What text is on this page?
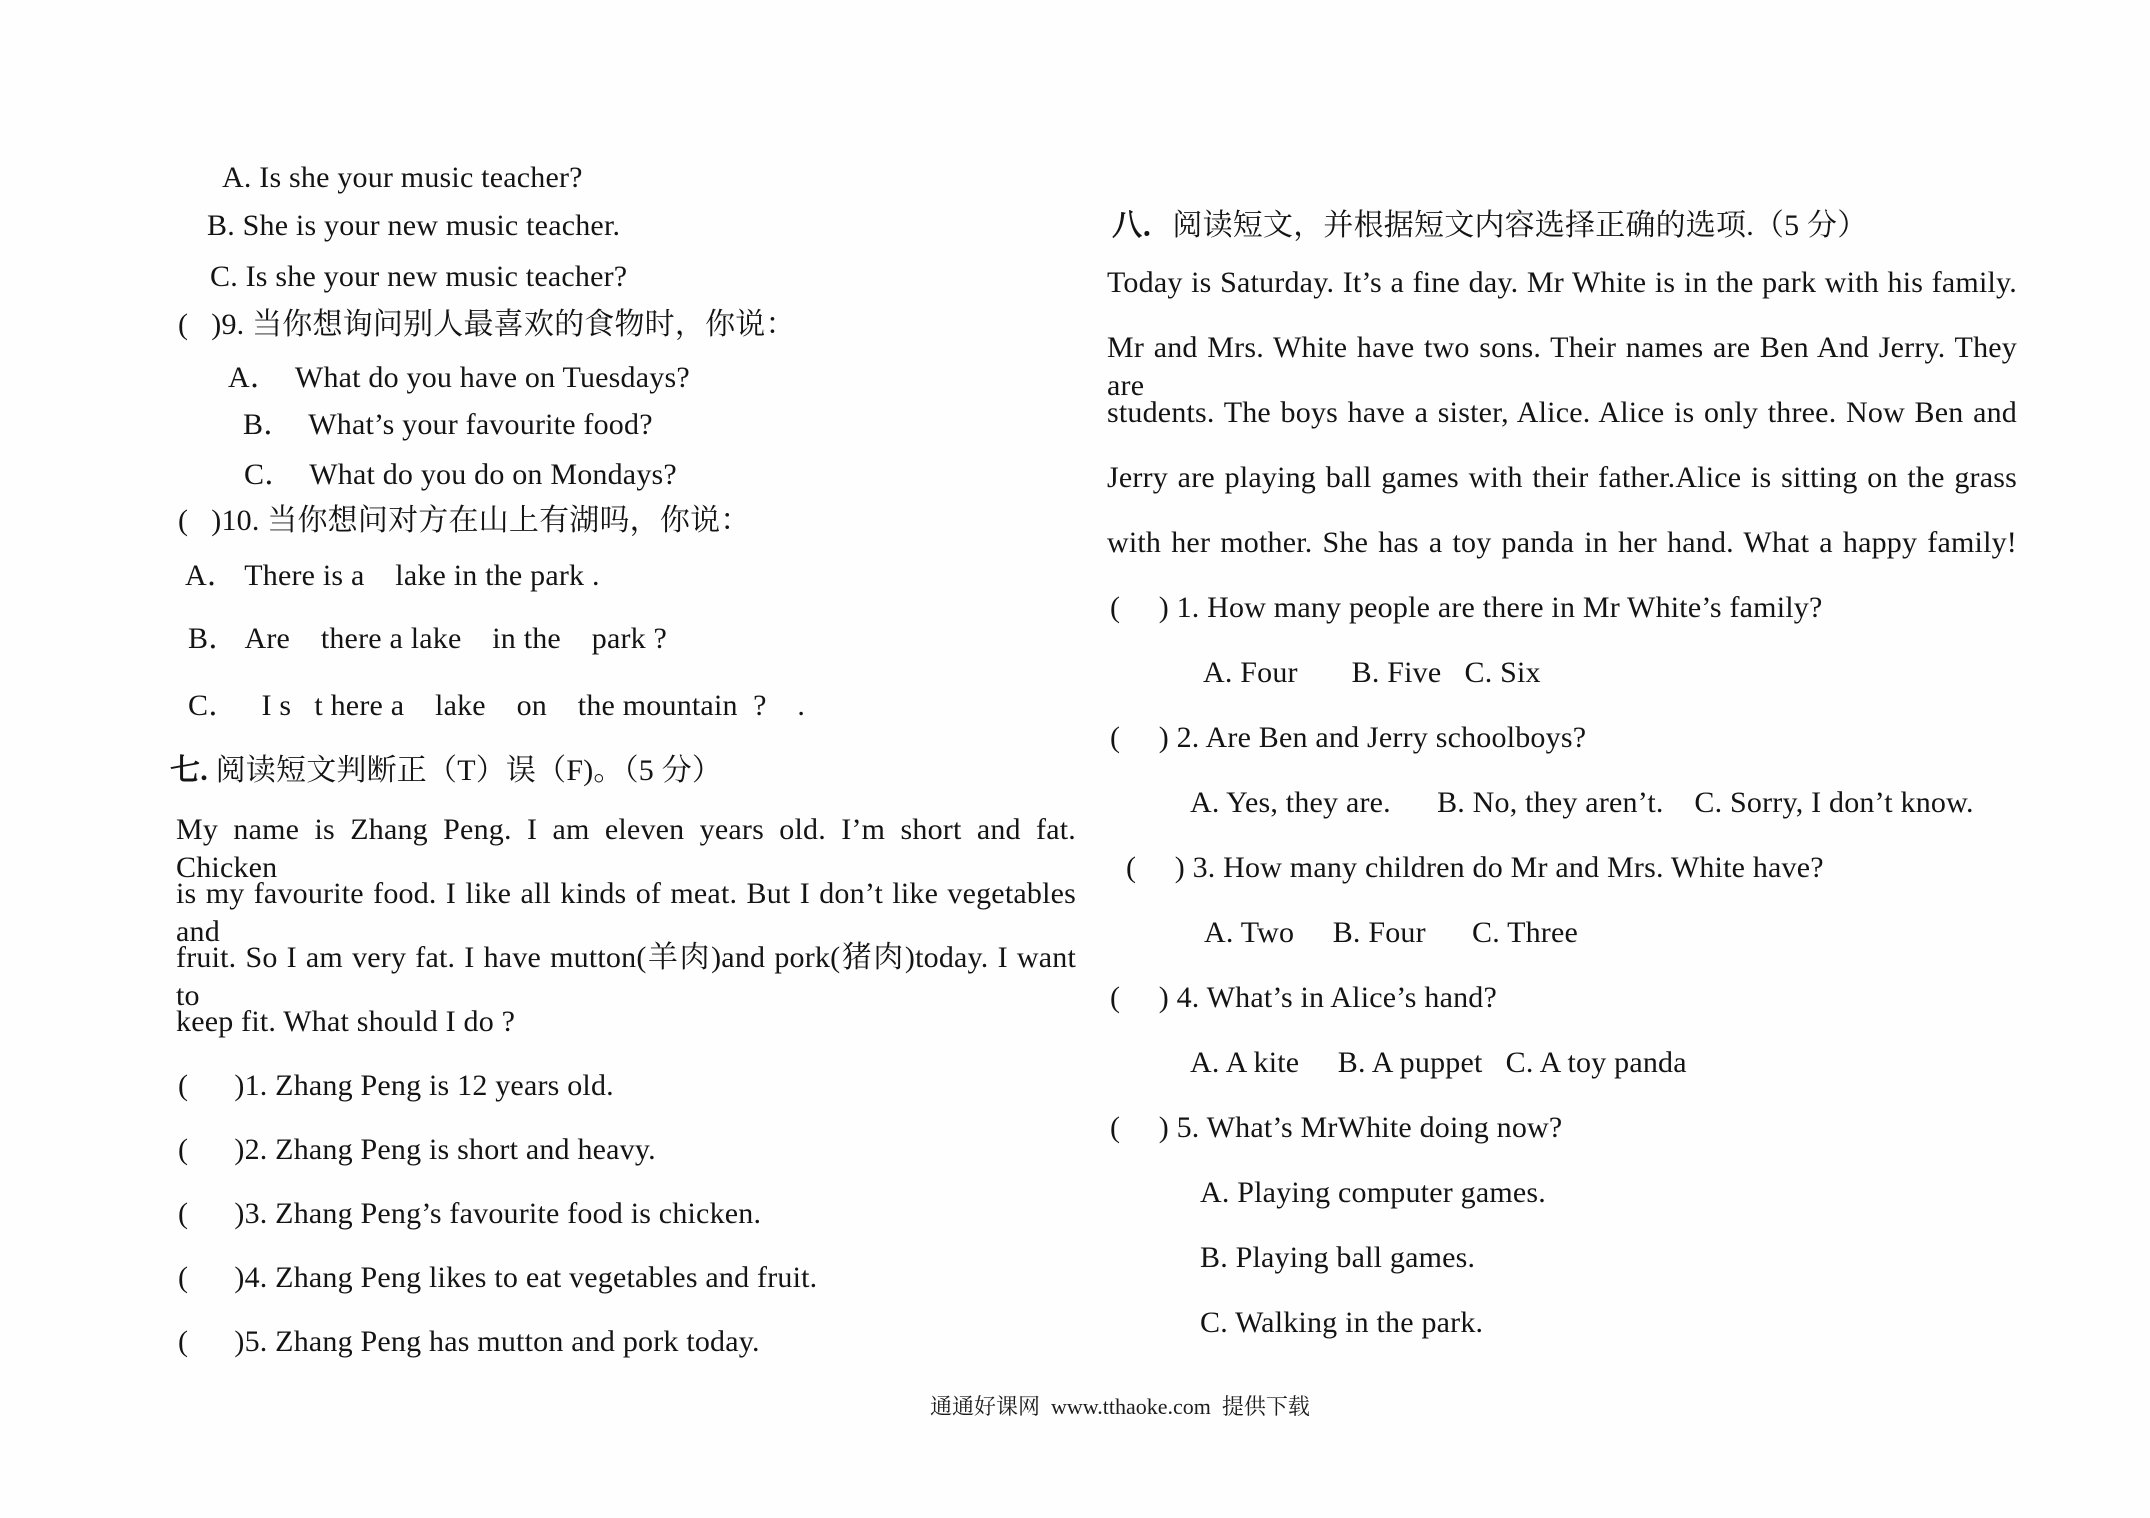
A. Is she your music teacher?
B. She is your new music teacher.
C. Is she your new music teacher?
(   )9. 当你想询问别人最喜欢的食物时，你说：
A．  What do you have on Tuesdays?
B．  What’s your favourite food?
C．  What do you do on Mondays?
(   )10. 当你想问对方在山上有湖吗，你说：
A． There is a    lake in the park .
B． Are    there a lake    in the    park ?
C．   I s   t here a    lake    on    the mountain  ?    .
七. 阅读短文判断正（T）误（F)。（5 分）
My name is Zhang Peng. I am eleven years old. I’m short and fat. Chicken
is my favourite food. I like all kinds of meat. But I don’t like vegetables and
fruit. So I am very fat. I have mutton(羊肉)and pork(猪肉)today. I want to
keep fit. What should I do ?
(      )1. Zhang Peng is 12 years old.
(      )2. Zhang Peng is short and heavy.
(      )3. Zhang Peng’s favourite food is chicken.
(      )4. Zhang Peng likes to eat vegetables and fruit.
(      )5. Zhang Peng has mutton and pork today.
八．阅读短文，并根据短文内容选择正确的选项.（5 分）
Today is Saturday. It’s a fine day. Mr White is in the park with his family.
Mr and Mrs. White have two sons. Their names are Ben And Jerry. They are
students. The boys have a sister, Alice. Alice is only three. Now Ben and
Jerry are playing ball games with their father.Alice is sitting on the grass
with her mother. She has a toy panda in her hand. What a happy family!
(     ) 1. How many people are there in Mr White’s family?
A. Four       B. Five   C. Six
(     ) 2. Are Ben and Jerry schoolboys?
A. Yes, they are.      B. No, they aren’t.    C. Sorry, I don’t know.
(     ) 3. How many children do Mr and Mrs. White have?
A. Two     B. Four      C. Three
(     ) 4. What’s in Alice’s hand?
A. A kite     B. A puppet   C. A toy panda
(     ) 5. What’s MrWhite doing now?
A. Playing computer games.
B. Playing ball games.
C. Walking in the park.
通通好课网  www.tthaoke.com  提供下载
